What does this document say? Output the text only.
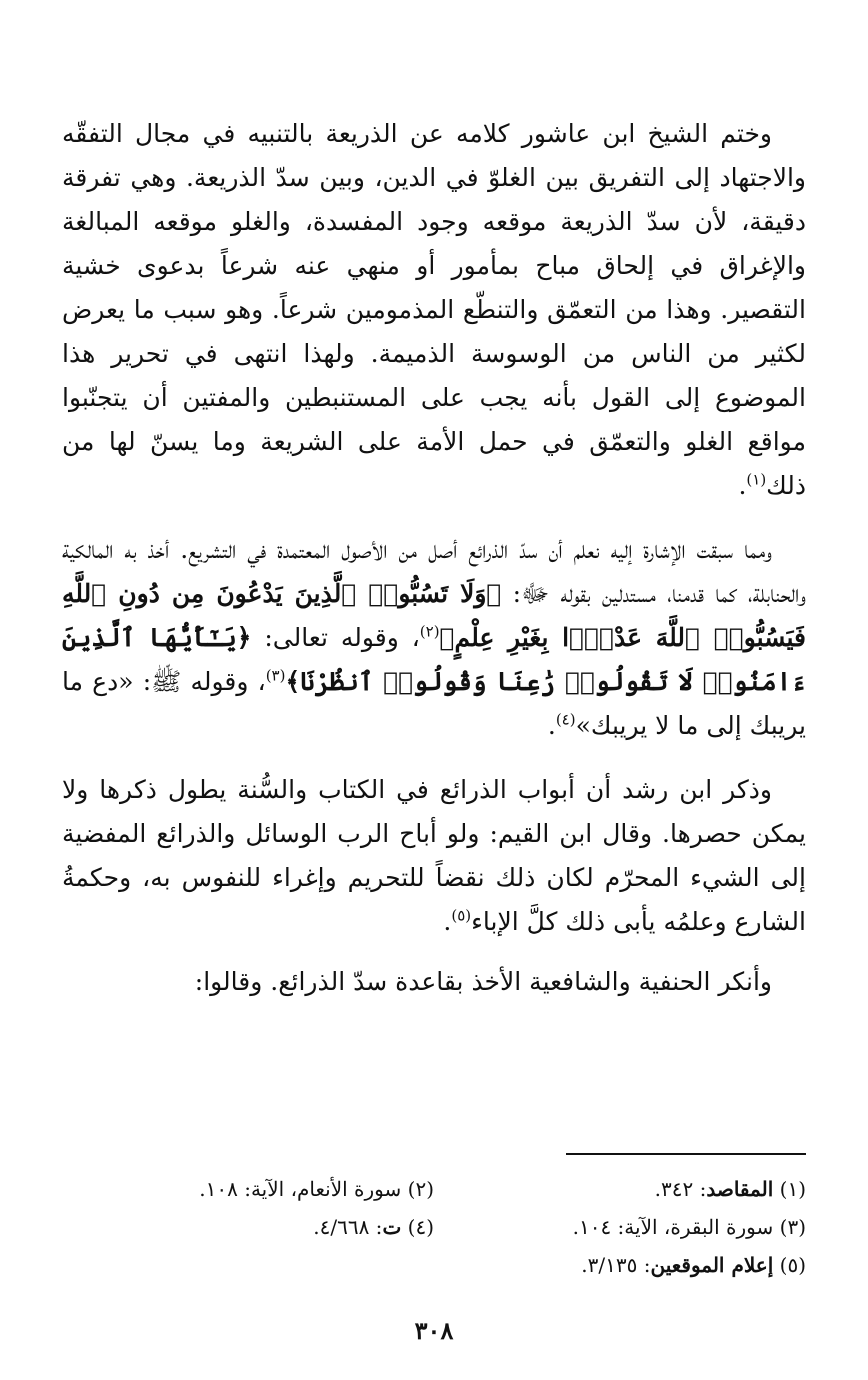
وختم الشيخ ابن عاشور كلامه عن الذريعة بالتنبيه في مجال التفقّه والاجتهاد إلى التفريق بين الغلوّ في الدين، وبين سدّ الذريعة. وهي تفرقة دقيقة، لأن سدّ الذريعة موقعه وجود المفسدة، والغلو موقعه المبالغة والإغراق في إلحاق مباح بمأمور أو منهي عنه شرعاً بدعوى خشية التقصير. وهذا من التعمّق والتنطّع المذمومين شرعاً. وهو سبب ما يعرض لكثير من الناس من الوسوسة الذميمة. ولهذا انتهى في تحرير هذا الموضوع إلى القول بأنه يجب على المستنبطين والمفتين أن يتجنّبوا مواقع الغلو والتعمّق في حمل الأمة على الشريعة وما يسنّ لها من ذلك$^{(١)}$.

ومما سبقت الإشارة إليه نعلم أن سدّ الذرائع أصل من الأصول المعتمدة في التشريع. أخذ به المالكية والحنابلة، كما قدمنا، مستدلين بقوله ﷻ: ﴿وَلَا تَسُبُّوا۟ ٱلَّذِينَ يَدْعُونَ مِن دُونِ ٱللَّهِ فَيَسُبُّوا۟ ٱللَّهَ عَدْوًۢا بِغَيْرِ عِلْمٍ﴾$^{(٢)}$، وقوله تعالى: ﴿يَـٰٓأَيُّهَا ٱلَّذِينَ ءَامَنُوا۟ لَا تَقُولُوا۟ رَٰعِنَا وَقُولُوا۟ ٱنظُرْنَا﴾$^{(٣)}$، وقوله ﷺ: «دع ما يريبك إلى ما لا يريبك»$^{(٤)}$.

وذكر ابن رشد أن أبواب الذرائع في الكتاب والسُّنة يطول ذكرها ولا يمكن حصرها. وقال ابن القيم: ولو أباح الرب الوسائل والذرائع المفضية إلى الشيء المحرّم لكان ذلك نقضاً للتحريم وإغراء للنفوس به، وحكمةُ الشارع وعلمُه يأبى ذلك كلَّ الإباء$^{(٥)}$.

وأنكر الحنفية والشافعية الأخذ بقاعدة سدّ الذرائع. وقالوا:

(١) المقاصد: ٣٤٢.
(٢) سورة الأنعام، الآية: ١٠٨.
(٣) سورة البقرة، الآية: ١٠٤.
(٤) ت: ٤/٦٦٨.
(٥) إعلام الموقعين: ٣/١٣٥.
٣٠٨
